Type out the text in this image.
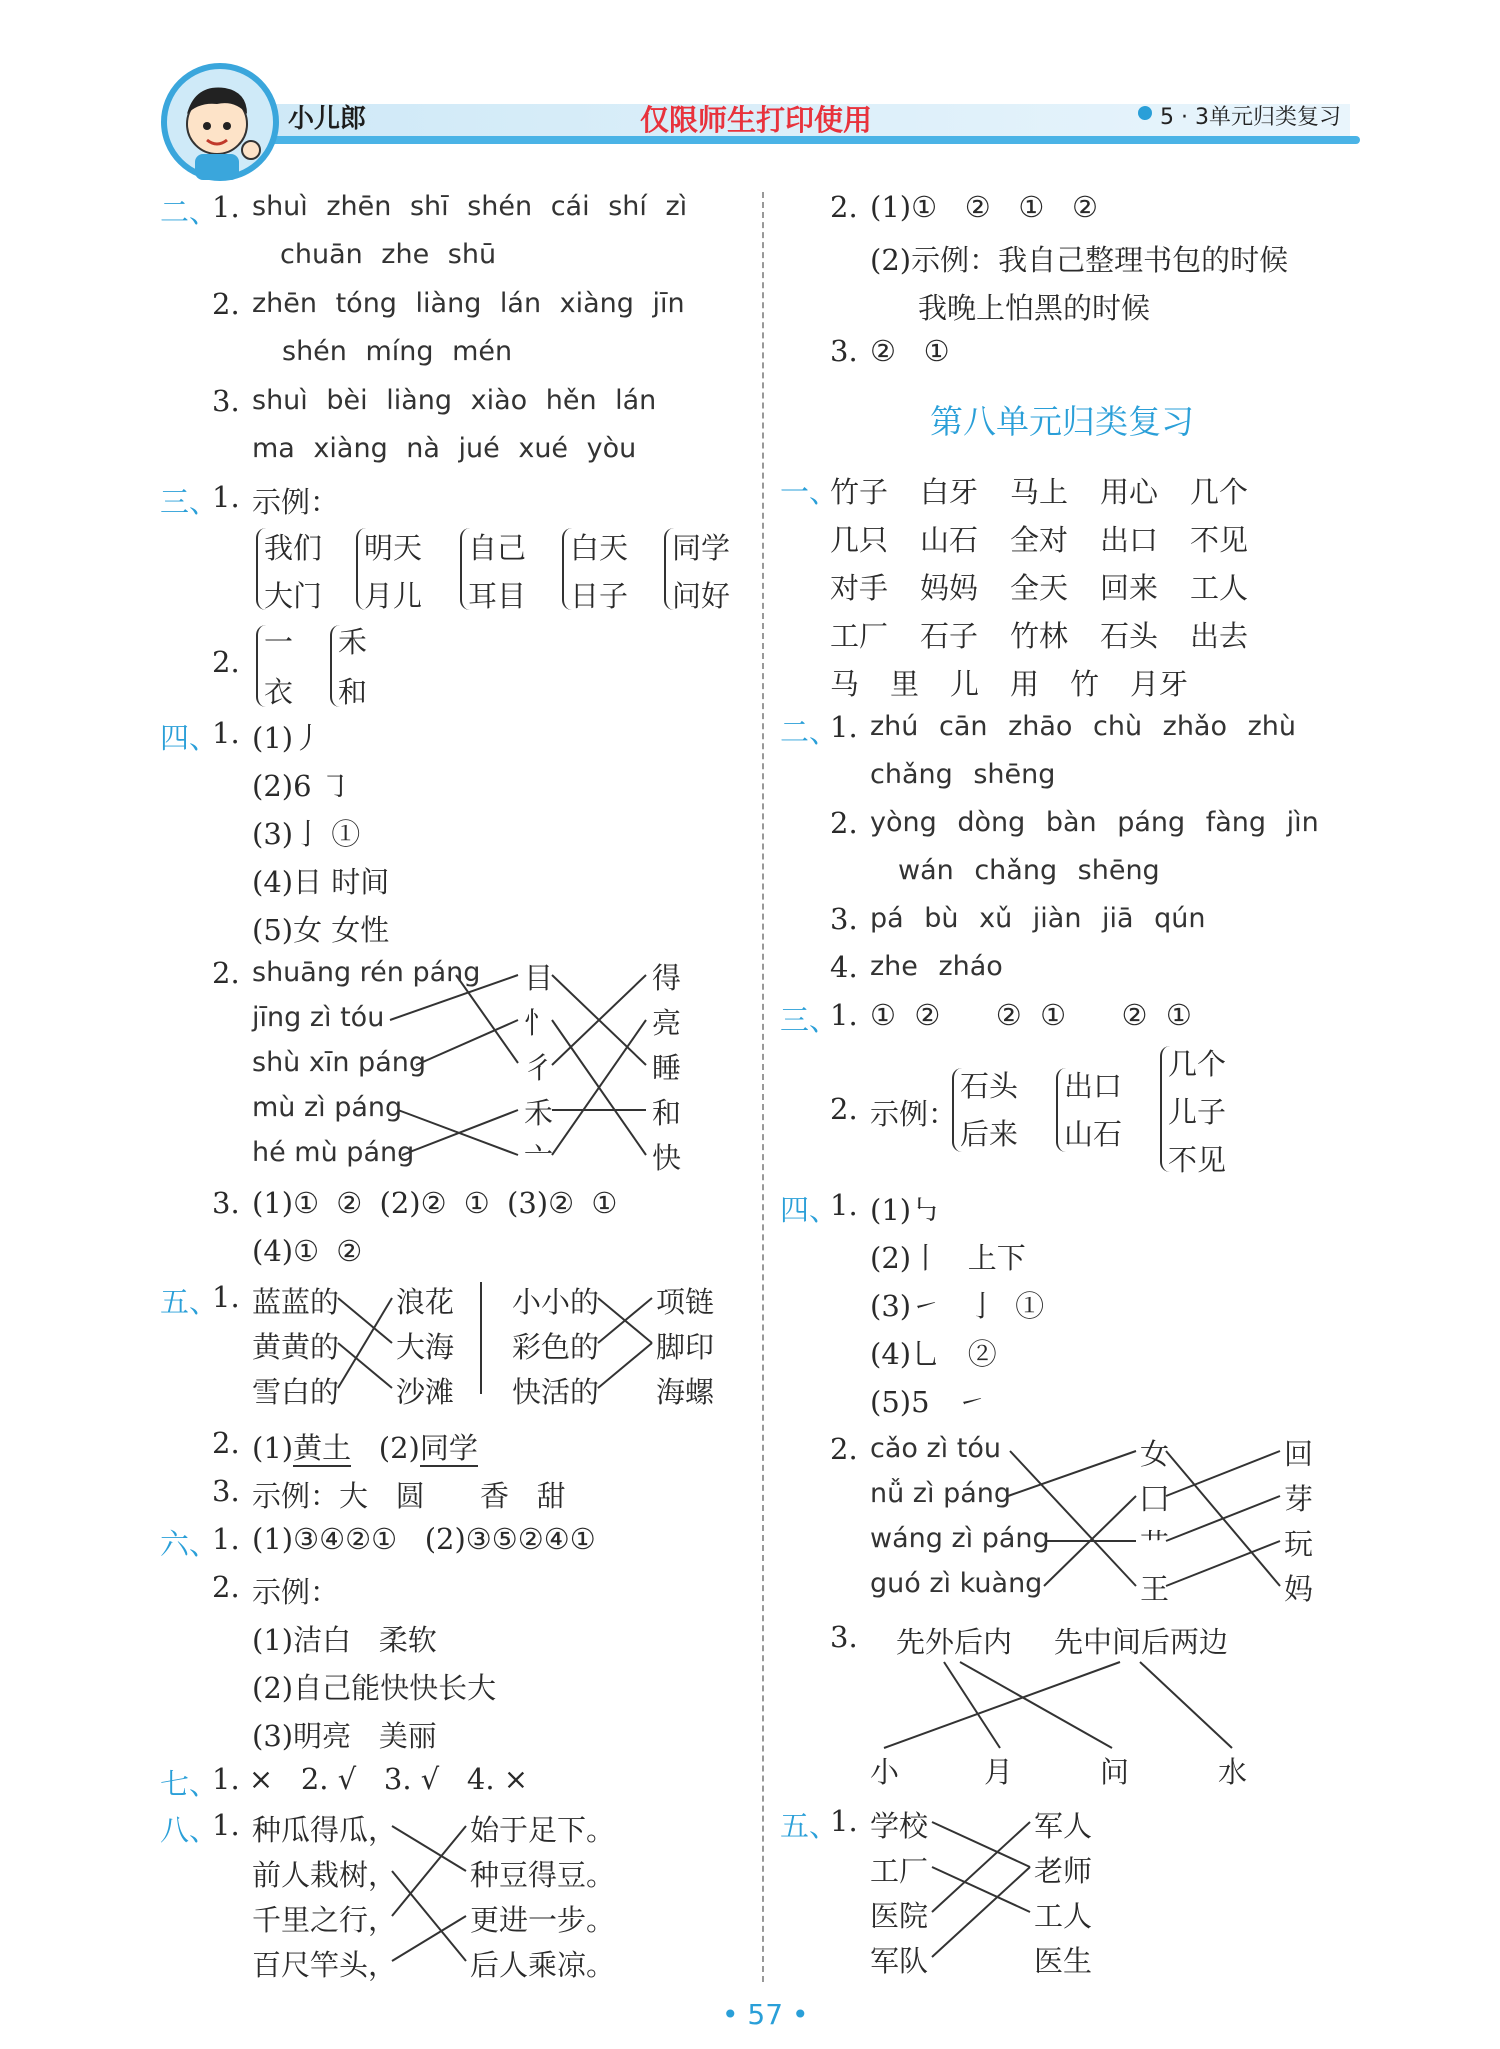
小儿郎	仅限师生打印使用	5 · 3单元归类复习
二、
1. shuì zhēn shī shén cái shí zì
chuān zhe shū
2. zhēn tóng liàng lán xiàng jīn
shén míng mén
3. shuì bèi liàng xiào hěn lán
ma xiàng nà jué xué yòu
三、
1. 示例：
我们
大门
明天
月儿
自己
耳目
白天
日子
同学
问好
2.
一
衣
禾
和
四、
1. (1)丿
(2)6 ㇆
(3)亅 ①
(4)日 时间
(5)女 女性
2. shuāng rén páng
jīng zì tóu
shù xīn páng
mù zì páng
hé mù páng
目
忄
彳
禾
亠
得
亮
睡
和
快
3. (1)① ② (2)② ① (3)② ①
(4)① ②
五、
1. 蓝蓝的
黄黄的
雪白的
浪花
大海
沙滩
小小的
彩色的
快活的
项链
脚印
海螺
2. (1)黄土 (2)同学
3. 示例：大   圆      香   甜
六、
1. (1)③④②①   (2)③⑤②④①
2. 示例：
(1)洁白   柔软
(2)自己能快快长大
(3)明亮   美丽
七、
1. ×   2. √   3. √   4. ×
八、
1. 种瓜得瓜，
前人栽树，
千里之行，
百尺竿头，
始于足下。
种豆得豆。
更进一步。
后人乘凉。
2. (1)①   ②   ①   ②
(2)示例：我自己整理书包的时候
我晚上怕黑的时候
3. ②   ①
第八单元归类复习
一、
竹子 白牙 马上 用心 几个
几只 山石 全对 出口 不见
对手 妈妈 全天 回来 工人
工厂 石子 竹林 石头 出去
马 里 儿 用 竹 月牙
二、
1. zhú cān zhāo chù zhǎo zhù
chǎng shēng
2. yòng dòng bàn páng fàng jìn
wán chǎng shēng
3. pá bù xǔ jiàn jiā qún
4. zhe zháo
三、
1. ①  ②      ②  ①      ②  ①
2. 示例：
石头
后来
出口
山石
几个
儿子
不见
四、
1. (1)㇉
(2)丨   上下
(3)㇀   亅  ①
(4)乚   ②
(5)5   ㇀
2. cǎo zì tóu
nǚ zì páng
wáng zì páng
guó zì kuàng
女
囗
艹
王
回
芽
玩
妈
3. 先外后内 先中间后两边
小	月	问	水
五、
1. 学校
工厂
医院
军队
军人
老师
工人
医生
• 57 •
